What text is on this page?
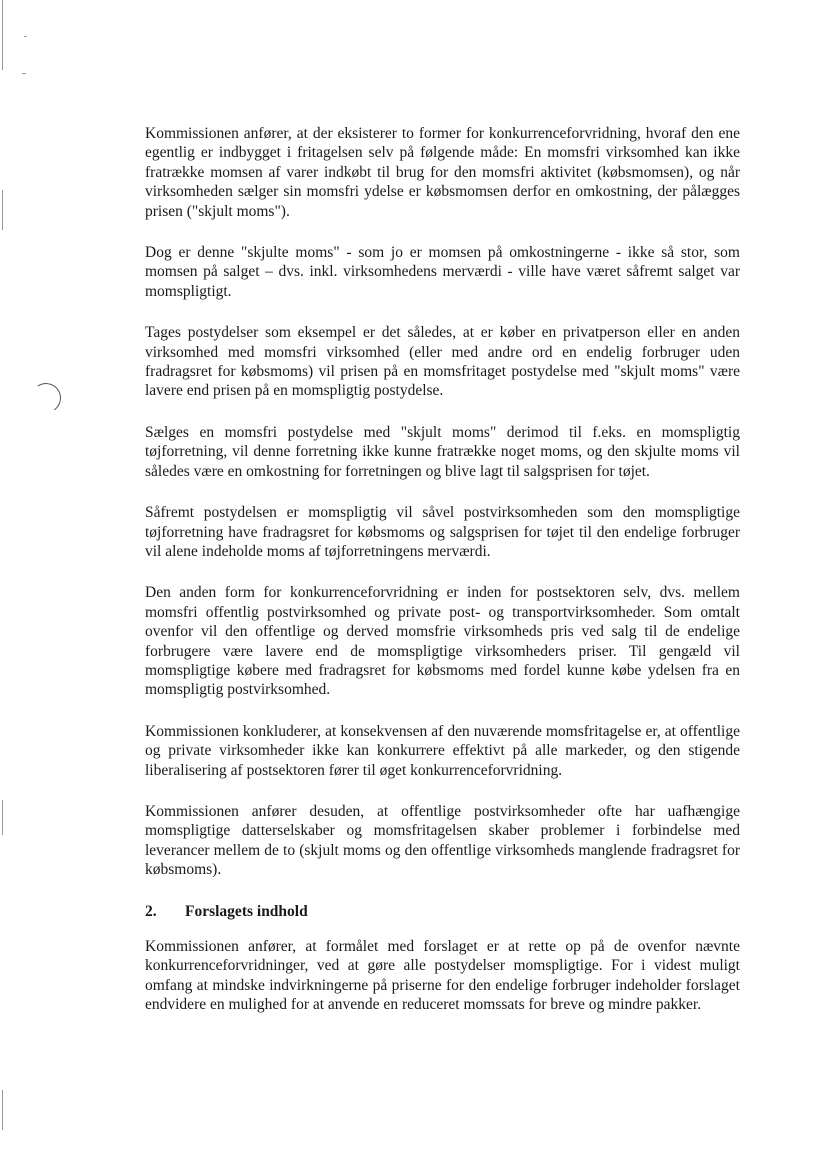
Kommissionen anfører, at der eksisterer to former for konkurrenceforvridning, hvoraf den ene egentlig er indbygget i fritagelsen selv på følgende måde: En momsfri virksomhed kan ikke fratrække momsen af varer indkøbt til brug for den momsfri aktivitet (købsmomsen), og når virksomheden sælger sin momsfri ydelse er købsmomsen derfor en omkostning, der pålægges prisen ("skjult moms").

Dog er denne "skjulte moms" - som jo er momsen på omkostningerne - ikke så stor, som momsen på salget – dvs. inkl. virksomhedens merværdi - ville have været såfremt salget var momspligtigt.

Tages postydelser som eksempel er det således, at er køber en privatperson eller en anden virksomhed med momsfri virksomhed (eller med andre ord en endelig forbruger uden fradragsret for købsmoms) vil prisen på en momsfritaget postydelse med "skjult moms" være lavere end prisen på en momspligtig postydelse.

Sælges en momsfri postydelse med "skjult moms" derimod til f.eks. en momspligtig tøjforretning, vil denne forretning ikke kunne fratrække noget moms, og den skjulte moms vil således være en omkostning for forretningen og blive lagt til salgsprisen for tøjet.

Såfremt postydelsen er momspligtig vil såvel postvirksomheden som den momspligtige tøjforretning have fradragsret for købsmoms og salgsprisen for tøjet til den endelige forbruger vil alene indeholde moms af tøjforretningens merværdi.

Den anden form for konkurrenceforvridning er inden for postsektoren selv, dvs. mellem momsfri offentlig postvirksomhed og private post- og transportvirksomheder. Som omtalt ovenfor vil den offentlige og derved momsfrie virksomheds pris ved salg til de endelige forbrugere være lavere end de momspligtige virksomheders priser. Til gengæld vil momspligtige købere med fradragsret for købsmoms med fordel kunne købe ydelsen fra en momspligtig postvirksomhed.

Kommissionen konkluderer, at konsekvensen af den nuværende momsfritagelse er, at offentlige og private virksomheder ikke kan konkurrere effektivt på alle markeder, og den stigende liberalisering af postsektoren fører til øget konkurrenceforvridning.

Kommissionen anfører desuden, at offentlige postvirksomheder ofte har uafhængige momspligtige datterselskaber og momsfritagelsen skaber problemer i forbindelse med leverancer mellem de to (skjult moms og den offentlige virksomheds manglende fradragsret for købsmoms).

2. Forslagets indhold

Kommissionen anfører, at formålet med forslaget er at rette op på de ovenfor nævnte konkurrenceforvridninger, ved at gøre alle postydelser momspligtige. For i videst muligt omfang at mindske indvirkningerne på priserne for den endelige forbruger indeholder forslaget endvidere en mulighed for at anvende en reduceret momssats for breve og mindre pakker.
